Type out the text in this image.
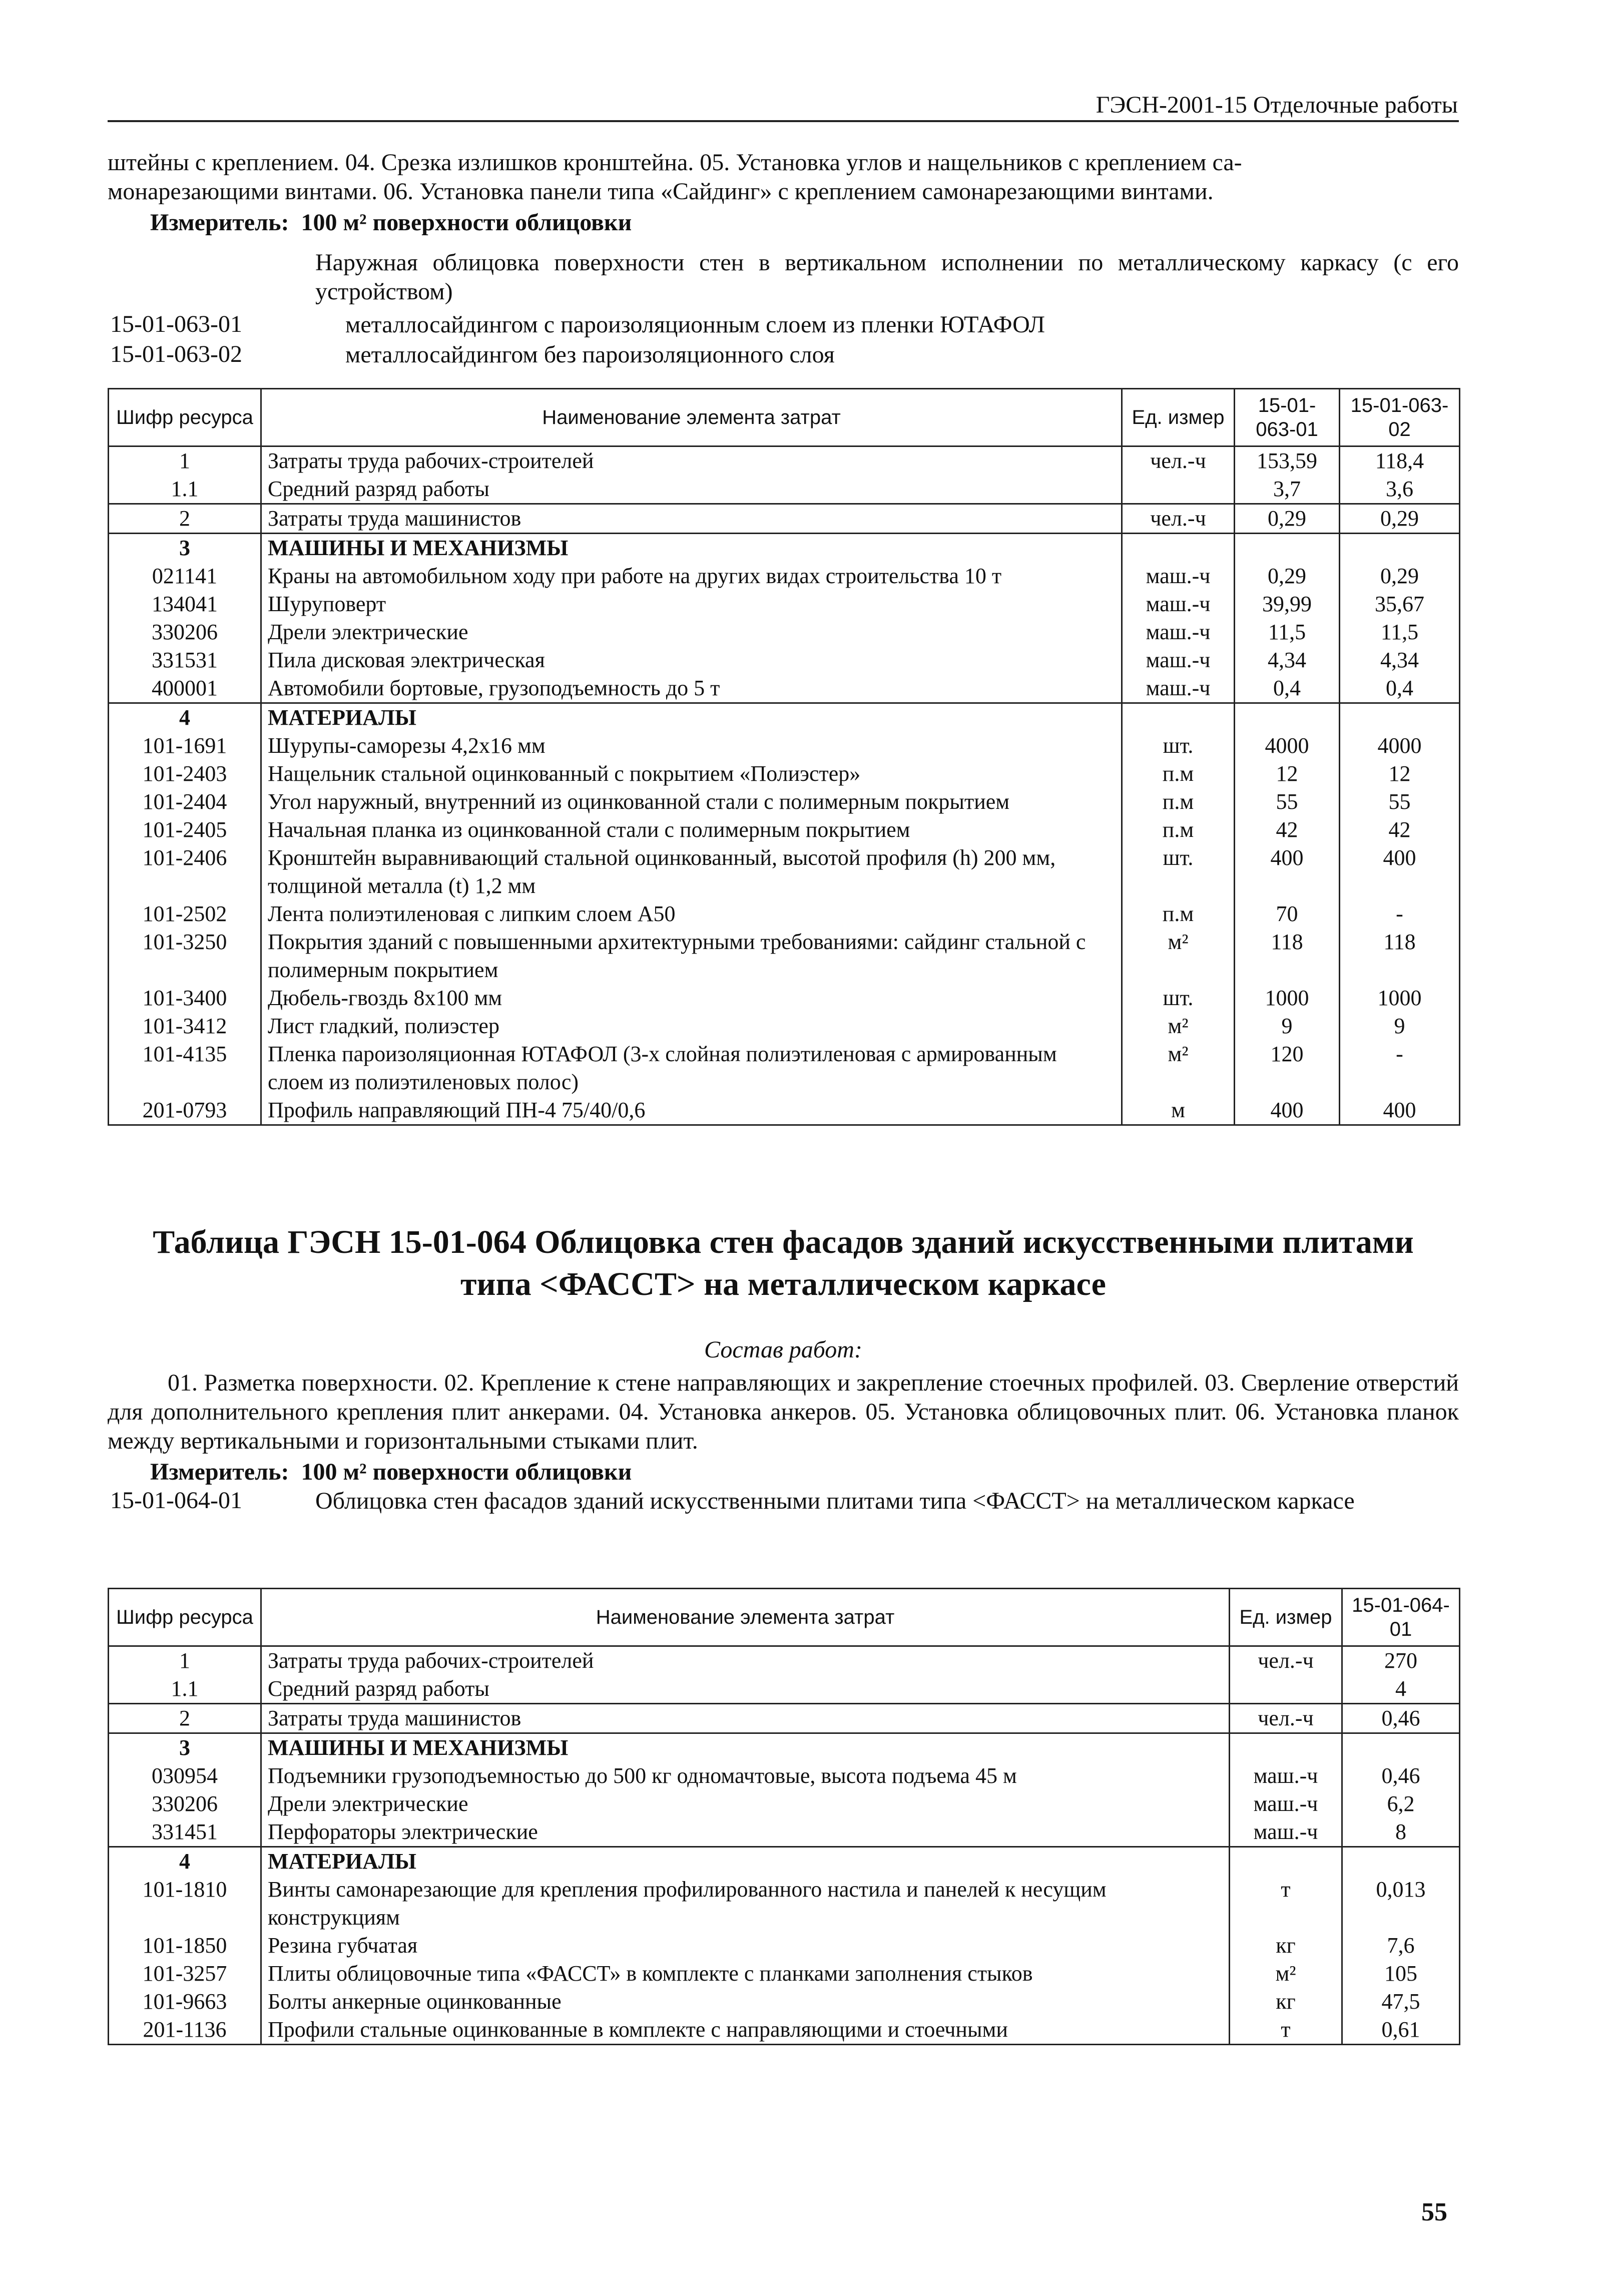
ГЭСН-2001-15 Отделочные работы
штейны с креплением. 04. Срезка излишков кронштейна. 05. Установка углов и нащельников с креплением са-
монарезающими винтами. 06. Установка панели типа «Сайдинг» с креплением самонарезающими винтами.
Измеритель: 100 м² поверхности облицовки
Наружная облицовка поверхности стен в вертикальном исполнении по металлическому каркасу (с его устройством)
15-01-063-01	металлосайдингом с пароизоляционным слоем из пленки ЮТАФОЛ
15-01-063-02	металлосайдингом без пароизоляционного слоя
Шифр ресурса	Наименование элемента затрат	Ед. измер	15-01-063-01	15-01-063-02
1	Затраты труда рабочих-строителей	чел.-ч	153,59	118,4
1.1	Средний разряд работы		3,7	3,6
2	Затраты труда машинистов	чел.-ч	0,29	0,29
3	МАШИНЫ И МЕХАНИЗМЫ			
021141	Краны на автомобильном ходу при работе на других видах строительства 10 т	маш.-ч	0,29	0,29
134041	Шуруповерт	маш.-ч	39,99	35,67
330206	Дрели электрические	маш.-ч	11,5	11,5
331531	Пила дисковая электрическая	маш.-ч	4,34	4,34
400001	Автомобили бортовые, грузоподъемность до 5 т	маш.-ч	0,4	0,4
4	МАТЕРИАЛЫ			
101-1691	Шурупы-саморезы 4,2x16 мм	шт.	4000	4000
101-2403	Нащельник стальной оцинкованный с покрытием «Полиэстер»	п.м	12	12
101-2404	Угол наружный, внутренний из оцинкованной стали с полимерным покрытием	п.м	55	55
101-2405	Начальная планка из оцинкованной стали с полимерным покрытием	п.м	42	42
101-2406	Кронштейн выравнивающий стальной оцинкованный, высотой профиля (h) 200 мм, толщиной металла (t) 1,2 мм	шт.	400	400
101-2502	Лента полиэтиленовая с липким слоем А50	п.м	70	-
101-3250	Покрытия зданий с повышенными архитектурными требованиями: сайдинг стальной с полимерным покрытием	м²	118	118
101-3400	Дюбель-гвоздь 8x100 мм	шт.	1000	1000
101-3412	Лист гладкий, полиэстер	м²	9	9
101-4135	Пленка пароизоляционная ЮТАФОЛ (3-х слойная полиэтиленовая с армированным слоем из полиэтиленовых полос)	м²	120	-
201-0793	Профиль направляющий ПН-4 75/40/0,6	м	400	400
Таблица ГЭСН 15-01-064 Облицовка стен фасадов зданий искусственными плитами
типа <ФАССТ> на металлическом каркасе
Состав работ:
01. Разметка поверхности. 02. Крепление к стене направляющих и закрепление стоечных профилей. 03. Сверление отверстий для дополнительного крепления плит анкерами. 04. Установка анкеров. 05. Установка облицовочных плит. 06. Установка планок между вертикальными и горизонтальными стыками плит.
Измеритель: 100 м² поверхности облицовки
15-01-064-01	Облицовка стен фасадов зданий искусственными плитами типа <ФАССТ> на металлическом каркасе
Шифр ресурса	Наименование элемента затрат	Ед. измер	15-01-064-01
1	Затраты труда рабочих-строителей	чел.-ч	270
1.1	Средний разряд работы		4
2	Затраты труда машинистов	чел.-ч	0,46
3	МАШИНЫ И МЕХАНИЗМЫ		
030954	Подъемники грузоподъемностью до 500 кг одномачтовые, высота подъема 45 м	маш.-ч	0,46
330206	Дрели электрические	маш.-ч	6,2
331451	Перфораторы электрические	маш.-ч	8
4	МАТЕРИАЛЫ		
101-1810	Винты самонарезающие для крепления профилированного настила и панелей к несущим конструкциям	т	0,013
101-1850	Резина губчатая	кг	7,6
101-3257	Плиты облицовочные типа «ФАССТ» в комплекте с планками заполнения стыков	м²	105
101-9663	Болты анкерные оцинкованные	кг	47,5
201-1136	Профили стальные оцинкованные в комплекте с направляющими и стоечными	т	0,61
55
